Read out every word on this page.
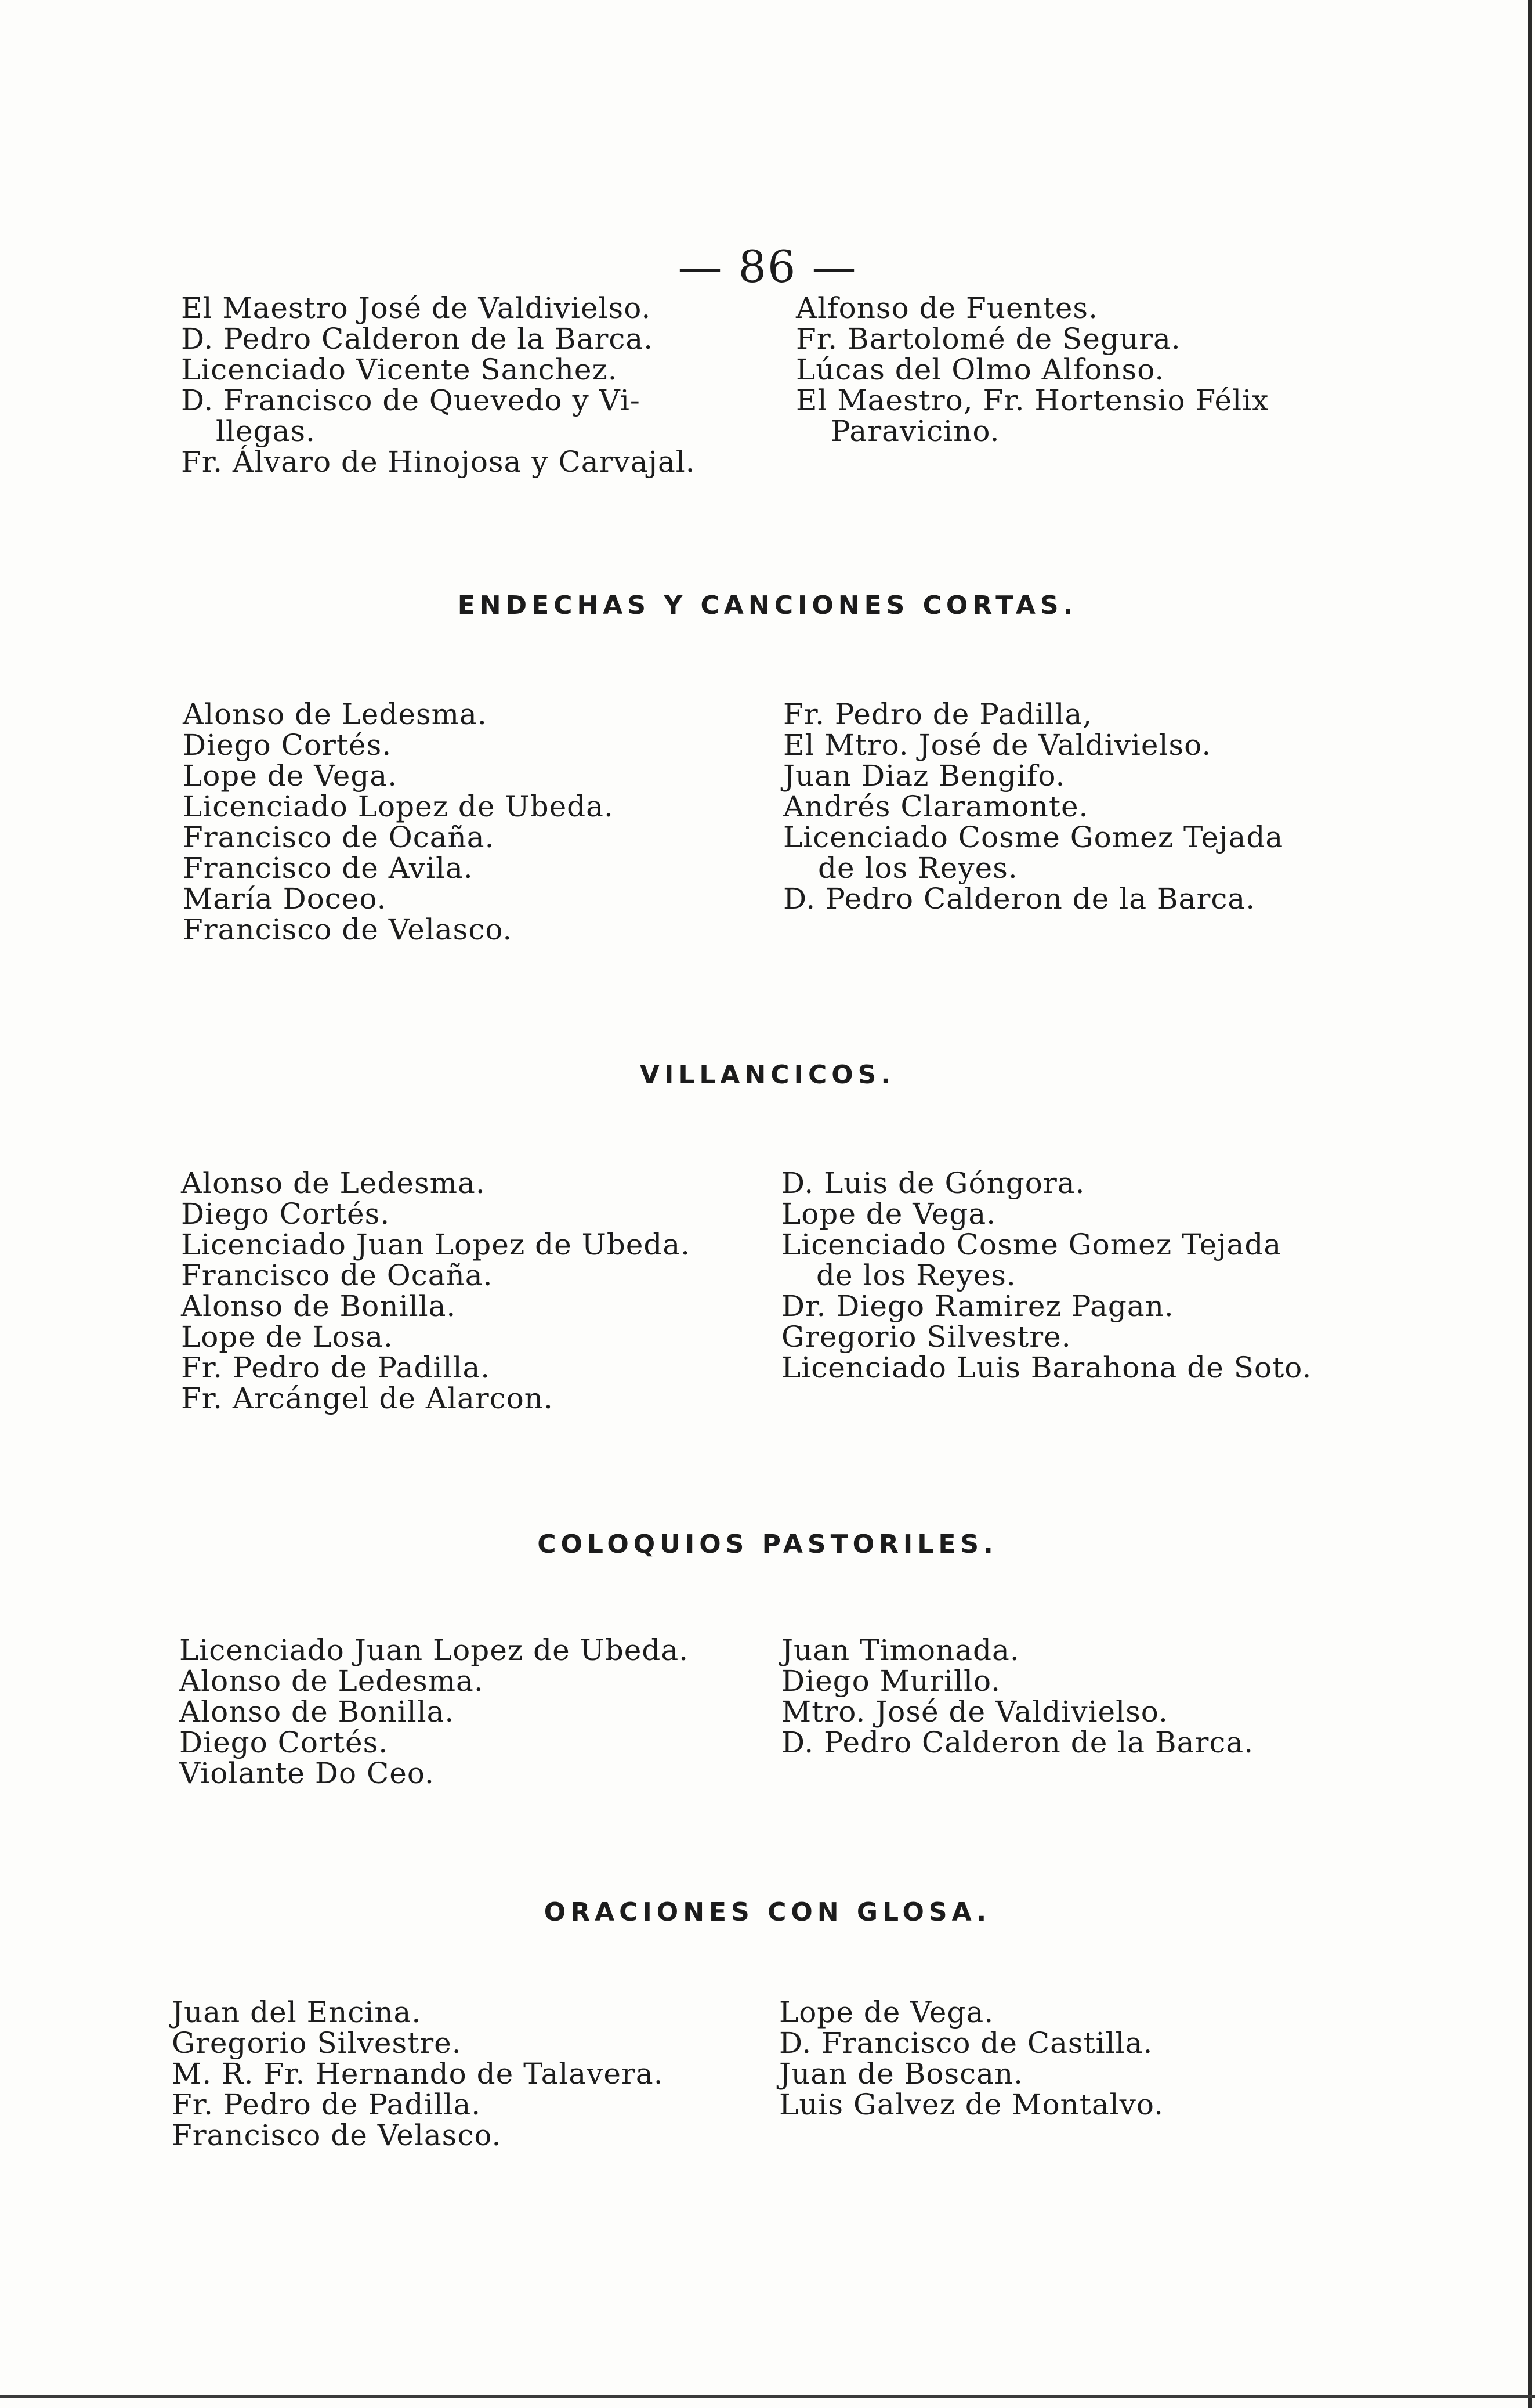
— 86 —
El Maestro José de Valdivielso.
D. Pedro Calderon de la Barca.
Licenciado Vicente Sanchez.
D. Francisco de Quevedo y Vi-
llegas.
Fr. Álvaro de Hinojosa y Carvajal.
Alfonso de Fuentes.
Fr. Bartolomé de Segura.
Lúcas del Olmo Alfonso.
El Maestro, Fr. Hortensio Félix
Paravicino.
ENDECHAS Y CANCIONES CORTAS.
Alonso de Ledesma.
Diego Cortés.
Lope de Vega.
Licenciado Lopez de Ubeda.
Francisco de Ocaña.
Francisco de Avila.
María Doceo.
Francisco de Velasco.
Fr. Pedro de Padilla,
El Mtro. José de Valdivielso.
Juan Diaz Bengifo.
Andrés Claramonte.
Licenciado Cosme Gomez Tejada
de los Reyes.
D. Pedro Calderon de la Barca.
VILLANCICOS.
Alonso de Ledesma.
Diego Cortés.
Licenciado Juan Lopez de Ubeda.
Francisco de Ocaña.
Alonso de Bonilla.
Lope de Losa.
Fr. Pedro de Padilla.
Fr. Arcángel de Alarcon.
D. Luis de Góngora.
Lope de Vega.
Licenciado Cosme Gomez Tejada
de los Reyes.
Dr. Diego Ramirez Pagan.
Gregorio Silvestre.
Licenciado Luis Barahona de Soto.
COLOQUIOS PASTORILES.
Licenciado Juan Lopez de Ubeda.
Alonso de Ledesma.
Alonso de Bonilla.
Diego Cortés.
Violante Do Ceo.
Juan Timonada.
Diego Murillo.
Mtro. José de Valdivielso.
D. Pedro Calderon de la Barca.
ORACIONES CON GLOSA.
Juan del Encina.
Gregorio Silvestre.
M. R. Fr. Hernando de Talavera.
Fr. Pedro de Padilla.
Francisco de Velasco.
Lope de Vega.
D. Francisco de Castilla.
Juan de Boscan.
Luis Galvez de Montalvo.
